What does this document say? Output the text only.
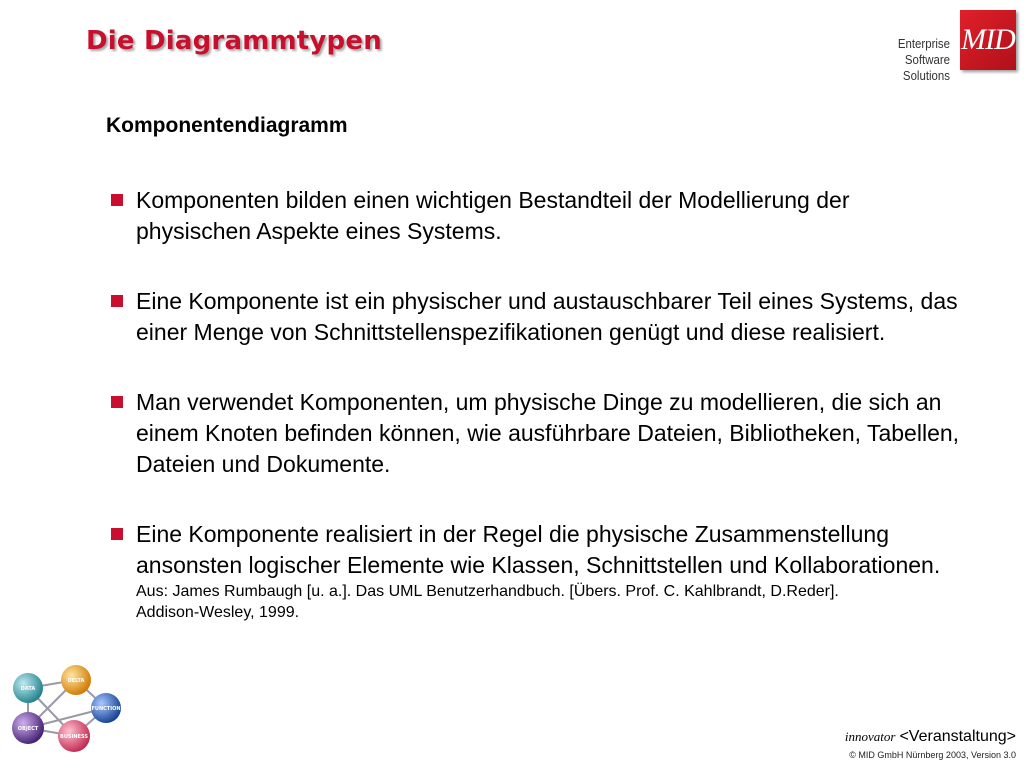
Die Diagrammtypen	Enterprise
Software Solutions
MID
Komponentendiagramm
Komponenten bilden einen wichtigen Bestandteil der Modellierung der physischen Aspekte eines Systems.
Eine Komponente ist ein physischer und austauschbarer Teil eines Systems, das einer Menge von Schnittstellenspezifikationen genügt und diese realisiert.
Man verwendet Komponenten, um physische Dinge zu modellieren, die sich an einem Knoten befinden können, wie ausführbare Dateien, Bibliotheken, Tabellen, Dateien und Dokumente.
Eine Komponente realisiert in der Regel die physische Zusammenstellung ansonsten logischer Elemente wie Klassen, Schnittstellen und Kollaborationen.
Aus: James Rumbaugh [u. a.]. Das UML Benutzerhandbuch. [Übers. Prof. C. Kahlbrandt, D.Reder].
Addison-Wesley, 1999.
DATA
DELTA
FUNCTION
OBJECT
BUSINESS	innovator <Veranstaltung>
© MID GmbH Nürnberg 2003, Version 3.0
